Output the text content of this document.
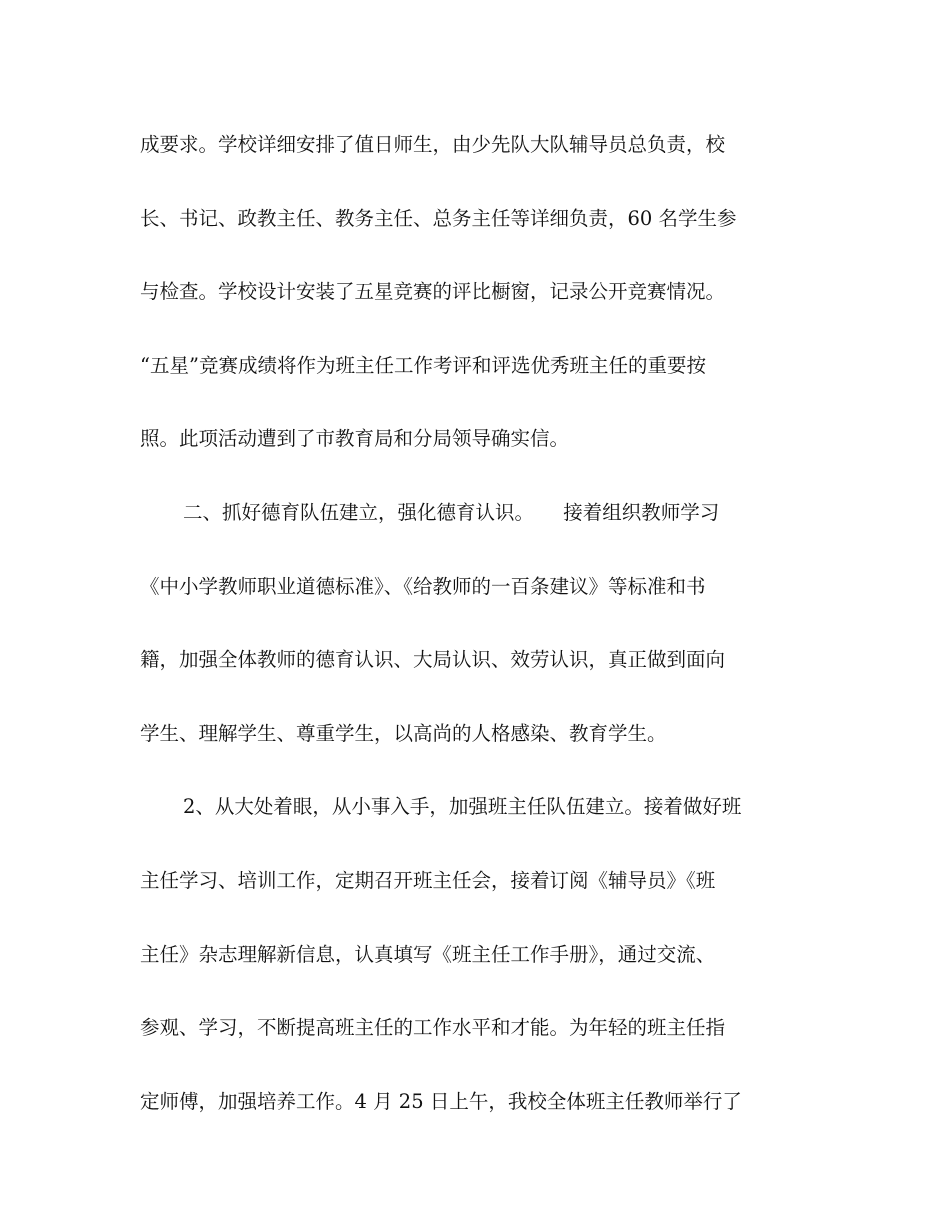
成要求。学校详细安排了值日师生，由少先队大队辅导员总负责，校
长、书记、政教主任、教务主任、总务主任等详细负责，60 名学生参
与检查。学校设计安装了五星竞赛的评比橱窗，记录公开竞赛情况。
“五星”竞赛成绩将作为班主任工作考评和评选优秀班主任的重要按
照。此项活动遭到了市教育局和分局领导确实信。
二、抓好德育队伍建立，强化德育认识。　　接着组织教师学习
《中小学教师职业道德标准》、《给教师的一百条建议》等标准和书
籍，加强全体教师的德育认识、大局认识、效劳认识，真正做到面向
学生、理解学生、尊重学生，以高尚的人格感染、教育学生。
2、从大处着眼，从小事入手，加强班主任队伍建立。接着做好班
主任学习、培训工作，定期召开班主任会，接着订阅《辅导员》《班
主任》杂志理解新信息，认真填写《班主任工作手册》，通过交流、
参观、学习，不断提高班主任的工作水平和才能。为年轻的班主任指
定师傅，加强培养工作。4 月 25 日上午，我校全体班主任教师举行了
